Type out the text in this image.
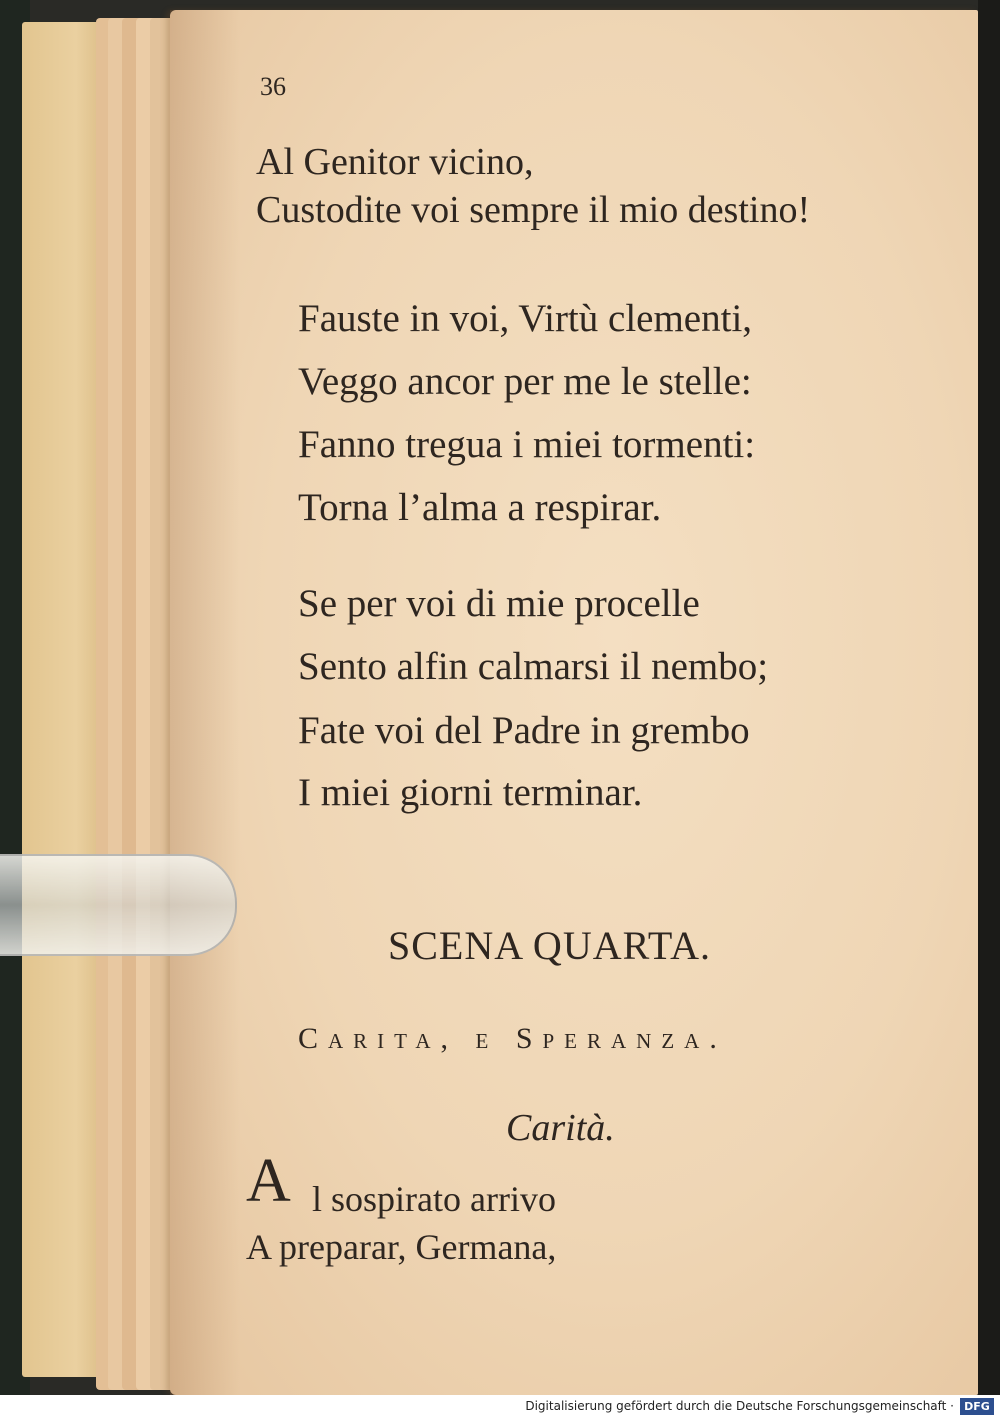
36
Al Genitor vicino,
Custodite voi sempre il mio destino!
Fauste in voi, Virtù clementi,
Veggo ancor per me le stelle:
Fanno tregua i miei tormenti:
Torna l’alma a respirar.
Se per voi di mie procelle
Sento alfin calmarsi il nembo;
Fate voi del Padre in grembo
I miei giorni terminar.
SCENA QUARTA.
Carita, e Speranza.
Carità.
A l sospirato arrivo
A preparar, Germana,
Digitalisierung gefördert durch die Deutsche Forschungsgemeinschaft · DFG
